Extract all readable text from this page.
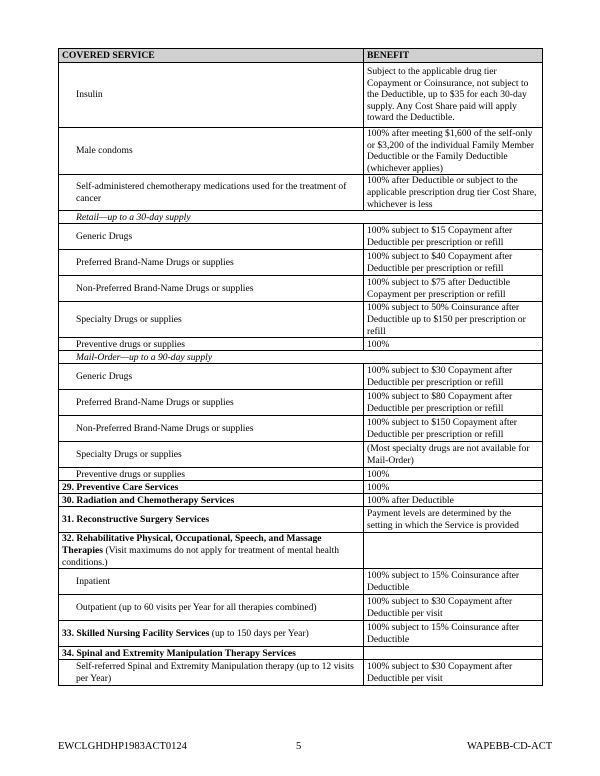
COVERED SERVICE	BENEFIT
Insulin	Subject to the applicable drug tier Copayment or Coinsurance, not subject to the Deductible, up to $35 for each 30-day supply. Any Cost Share paid will apply toward the Deductible.
Male condoms	100% after meeting $1,600 of the self-only or $3,200 of the individual Family Member Deductible or the Family Deductible (whichever applies)
Self-administered chemotherapy medications used for the treatment of cancer	100% after Deductible or subject to the applicable prescription drug tier Cost Share, whichever is less
Retail—up to a 30-day supply	
Generic Drugs	100% subject to $15 Copayment after Deductible per prescription or refill
Preferred Brand-Name Drugs or supplies	100% subject to $40 Copayment after Deductible per prescription or refill
Non-Preferred Brand-Name Drugs or supplies	100% subject to $75 after Deductible Copayment per prescription or refill
Specialty Drugs or supplies	100% subject to 50% Coinsurance after Deductible up to $150 per prescription or refill
Preventive drugs or supplies	100%
Mail-Order—up to a 90-day supply	
Generic Drugs	100% subject to $30 Copayment after Deductible per prescription or refill
Preferred Brand-Name Drugs or supplies	100% subject to $80 Copayment after Deductible per prescription or refill
Non-Preferred Brand-Name Drugs or supplies	100% subject to $150 Copayment after Deductible per prescription or refill
Specialty Drugs or supplies	(Most specialty drugs are not available for Mail-Order)
Preventive drugs or supplies	100%
29. Preventive Care Services	100%
30. Radiation and Chemotherapy Services	100% after Deductible
31. Reconstructive Surgery Services	Payment levels are determined by the setting in which the Service is provided
32. Rehabilitative Physical, Occupational, Speech, and Massage Therapies (Visit maximums do not apply for treatment of mental health conditions.)	
Inpatient	100% subject to 15% Coinsurance after Deductible
Outpatient (up to 60 visits per Year for all therapies combined)	100% subject to $30 Copayment after Deductible per visit
33. Skilled Nursing Facility Services (up to 150 days per Year)	100% subject to 15% Coinsurance after Deductible
34. Spinal and Extremity Manipulation Therapy Services	
Self-referred Spinal and Extremity Manipulation therapy (up to 12 visits per Year)	100% subject to $30 Copayment after Deductible per visit
EWCLGHDHP1983ACT0124	5	WAPEBB-CD-ACT
